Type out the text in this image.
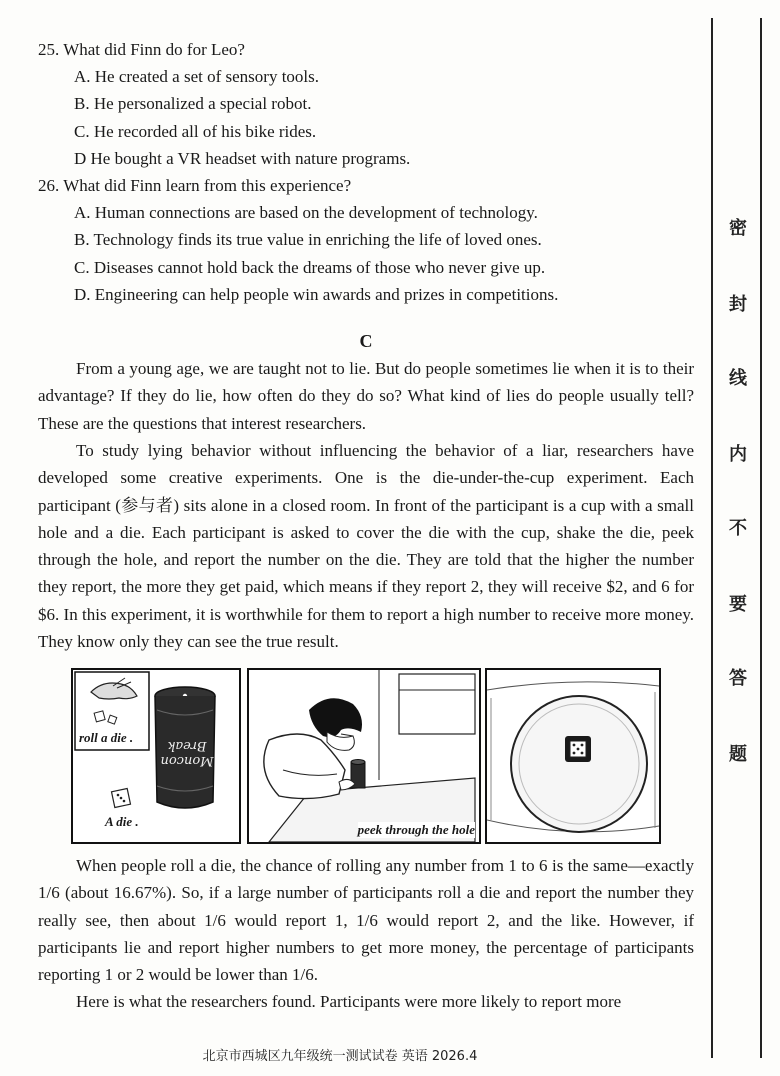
25. What did Finn do for Leo?
A. He created a set of sensory tools.
B. He personalized a special robot.
C. He recorded all of his bike rides.
D He bought a VR headset with nature programs.
26. What did Finn learn from this experience?
A. Human connections are based on the development of technology.
B. Technology finds its true value in enriching the life of loved ones.
C. Diseases cannot hold back the dreams of those who never give up.
D. Engineering can help people win awards and prizes in competitions.
C

From a young age, we are taught not to lie. But do people sometimes lie when it is to their advantage? If they do lie, how often do they do so? What kind of lies do people usually tell? These are the questions that interest researchers.

To study lying behavior without influencing the behavior of a liar, researchers have developed some creative experiments. One is the die-under-the-cup experiment. Each participant (参与者) sits alone in a closed room. In front of the participant is a cup with a small hole and a die. Each participant is asked to cover the die with the cup, shake the die, peek through the hole, and report the number on the die. They are told that the higher the number they report, the more they get paid, which means if they report 2, they will receive $2, and 6 for $6. In this experiment, it is worthwhile for them to report a high number to receive more money. They know only they can see the true result.

Moncon Break
roll a die .
A die .
peek through the hole

When people roll a die, the chance of rolling any number from 1 to 6 is the same—exactly 1/6 (about 16.67%). So, if a large number of participants roll a die and report the number they really see, then about 1/6 would report 1, 1/6 would report 2, and the like. However, if participants lie and report higher numbers to get more money, the percentage of participants reporting 1 or 2 would be lower than 1/6.

Here is what the researchers found. Participants were more likely to report more

密
封
线
内
不
要
答
题
北京市西城区九年级统一测试试卷 英语 2026.4
